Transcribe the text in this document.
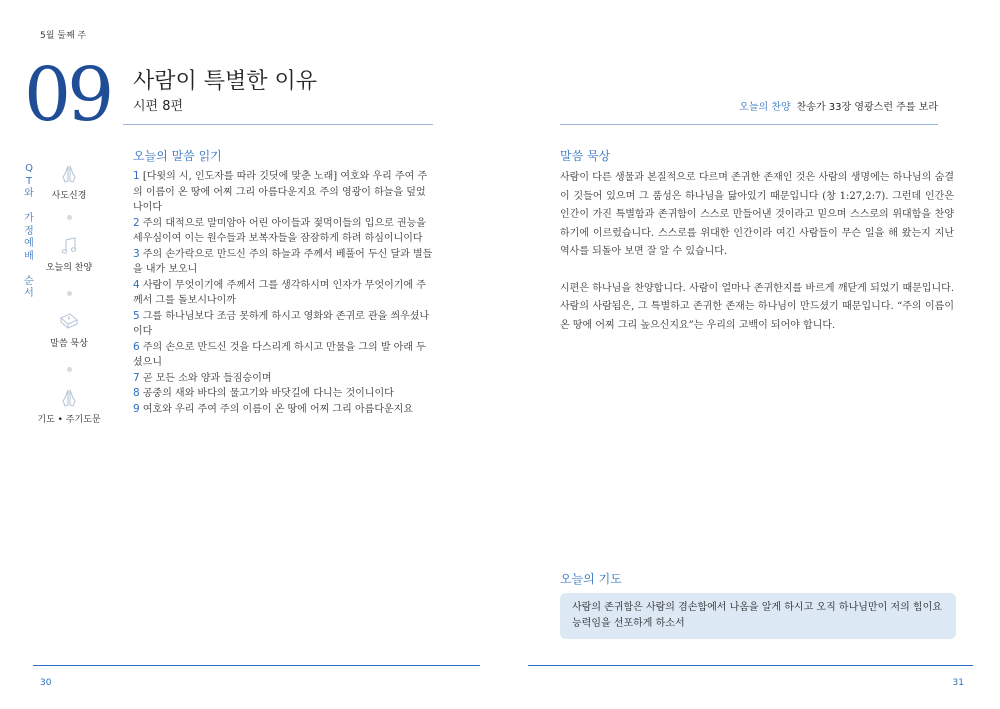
5월 둘째 주
09 사람이 특별한 이유
시편 8편	오늘의 찬양 찬송가 33장 영광스런 주를 보라
Q
T
와
가
정
예
배
순
서
사도신경
오늘의 찬양
말씀 묵상
기도 • 주기도문
오늘의 말씀 읽기

1 [다윗의 시, 인도자를 따라 깃딧에 맞춘 노래] 여호와 우리 주여 주의 이름이 온 땅에 어찌 그리 아름다운지요 주의 영광이 하늘을 덮었나이다

2 주의 대적으로 말미암아 어린 아이들과 젖먹이들의 입으로 권능을 세우심이여 이는 원수들과 보복자들을 잠잠하게 하려 하심이니이다

3 주의 손가락으로 만드신 주의 하늘과 주께서 베풀어 두신 달과 별들을 내가 보오니

4 사람이 무엇이기에 주께서 그를 생각하시며 인자가 무엇이기에 주께서 그를 돌보시나이까

5 그를 하나님보다 조금 못하게 하시고 영화와 존귀로 관을 씌우셨나이다

6 주의 손으로 만드신 것을 다스리게 하시고 만물을 그의 발 아래 두셨으니

7 곧 모든 소와 양과 들짐승이며

8 공중의 새와 바다의 물고기와 바닷길에 다니는 것이니이다

9 여호와 우리 주여 주의 이름이 온 땅에 어찌 그리 아름다운지요

말씀 묵상

사람이 다른 생물과 본질적으로 다르며 존귀한 존재인 것은 사람의 생명에는 하나님의 숨결이 깃들어 있으며 그 품성은 하나님을 닮아있기 때문입니다 (창 1:27,2:7). 그런데 인간은 인간이 가진 특별함과 존귀함이 스스로 만들어낸 것이라고 믿으며 스스로의 위대함을 찬양하기에 이르렀습니다. 스스로를 위대한 인간이라 여긴 사람들이 무슨 일을 해 왔는지 지난 역사를 되돌아 보면 잘 알 수 있습니다.

시편은 하나님을 찬양합니다. 사람이 얼마나 존귀한지를 바르게 깨닫게 되었기 때문입니다. 사람의 사람됨은, 그 특별하고 존귀한 존재는 하나님이 만드셨기 때문입니다. “주의 이름이 온 땅에 어찌 그리 높으신지요”는 우리의 고백이 되어야 합니다.

오늘의 기도
사람의 존귀함은 사람의 겸손함에서 나옴을 알게 하시고 오직 하나님만이 저의 힘이요 능력임을 선포하게 하소서
30	31
